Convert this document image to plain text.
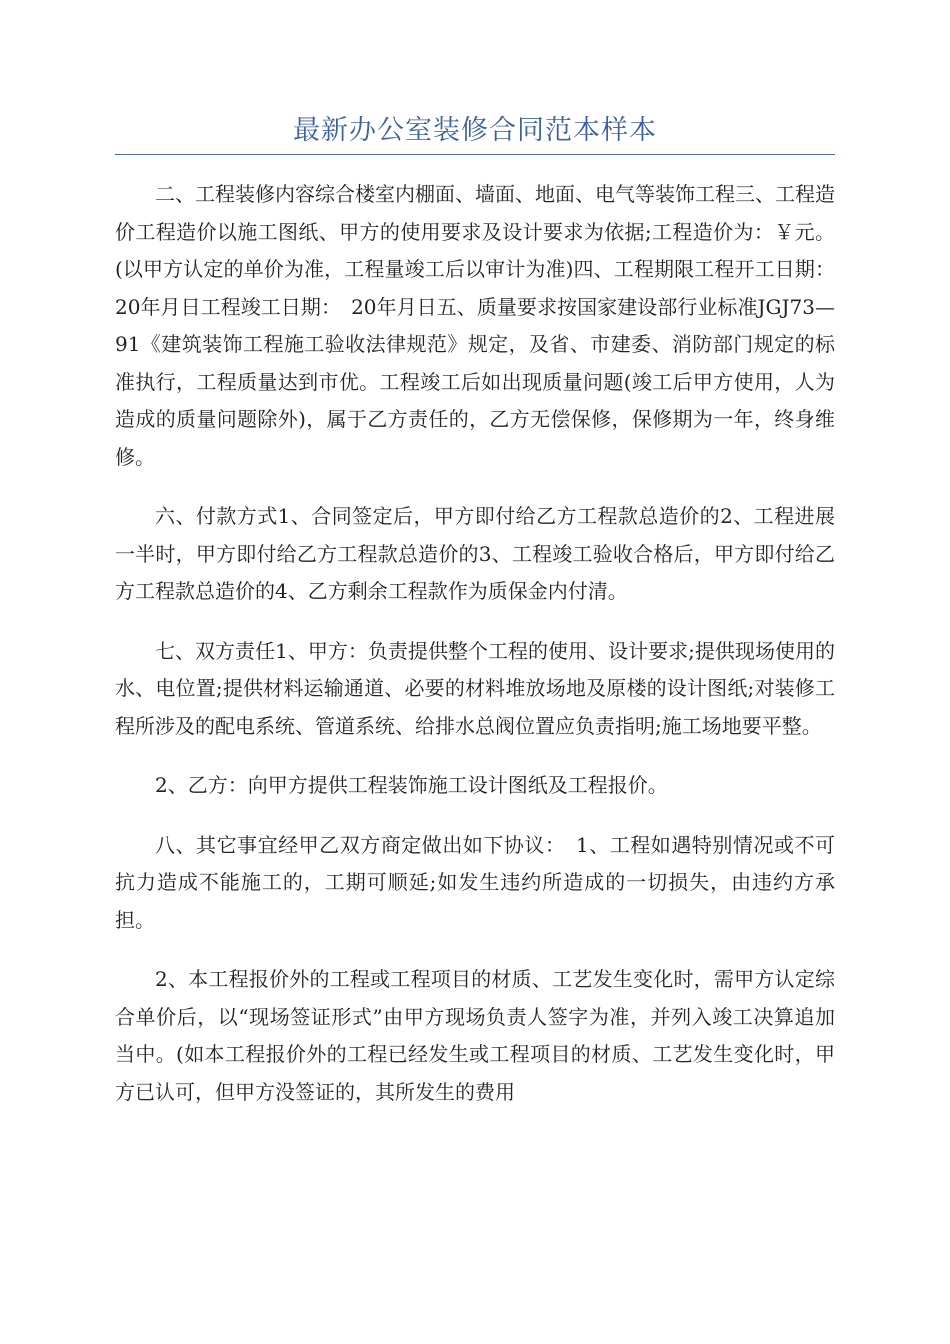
最新办公室装修合同范本样本

二、工程装修内容综合楼室内棚面、墙面、地面、电气等装饰工程三、工程造价工程造价以施工图纸、甲方的使用要求及设计要求为依据;工程造价为：￥元。(以甲方认定的单价为准，工程量竣工后以审计为准)四、工程期限工程开工日期：20年月日工程竣工日期：　20年月日五、质量要求按国家建设部行业标准JGJ73—91《建筑装饰工程施工验收法律规范》规定，及省、市建委、消防部门规定的标准执行，工程质量达到市优。工程竣工后如出现质量问题(竣工后甲方使用，人为造成的质量问题除外)，属于乙方责任的，乙方无偿保修，保修期为一年，终身维修。

六、付款方式1、合同签定后，甲方即付给乙方工程款总造价的2、工程进展一半时，甲方即付给乙方工程款总造价的3、工程竣工验收合格后，甲方即付给乙方工程款总造价的4、乙方剩余工程款作为质保金内付清。

七、双方责任1、甲方：负责提供整个工程的使用、设计要求;提供现场使用的水、电位置;提供材料运输通道、必要的材料堆放场地及原楼的设计图纸;对装修工程所涉及的配电系统、管道系统、给排水总阀位置应负责指明;施工场地要平整。

2、乙方：向甲方提供工程装饰施工设计图纸及工程报价。

八、其它事宜经甲乙双方商定做出如下协议：　1、工程如遇特别情况或不可抗力造成不能施工的，工期可顺延;如发生违约所造成的一切损失，由违约方承担。

2、本工程报价外的工程或工程项目的材质、工艺发生变化时，需甲方认定综合单价后，以“现场签证形式”由甲方现场负责人签字为准，并列入竣工决算追加当中。(如本工程报价外的工程已经发生或工程项目的材质、工艺发生变化时，甲方已认可，但甲方没签证的，其所发生的费用
